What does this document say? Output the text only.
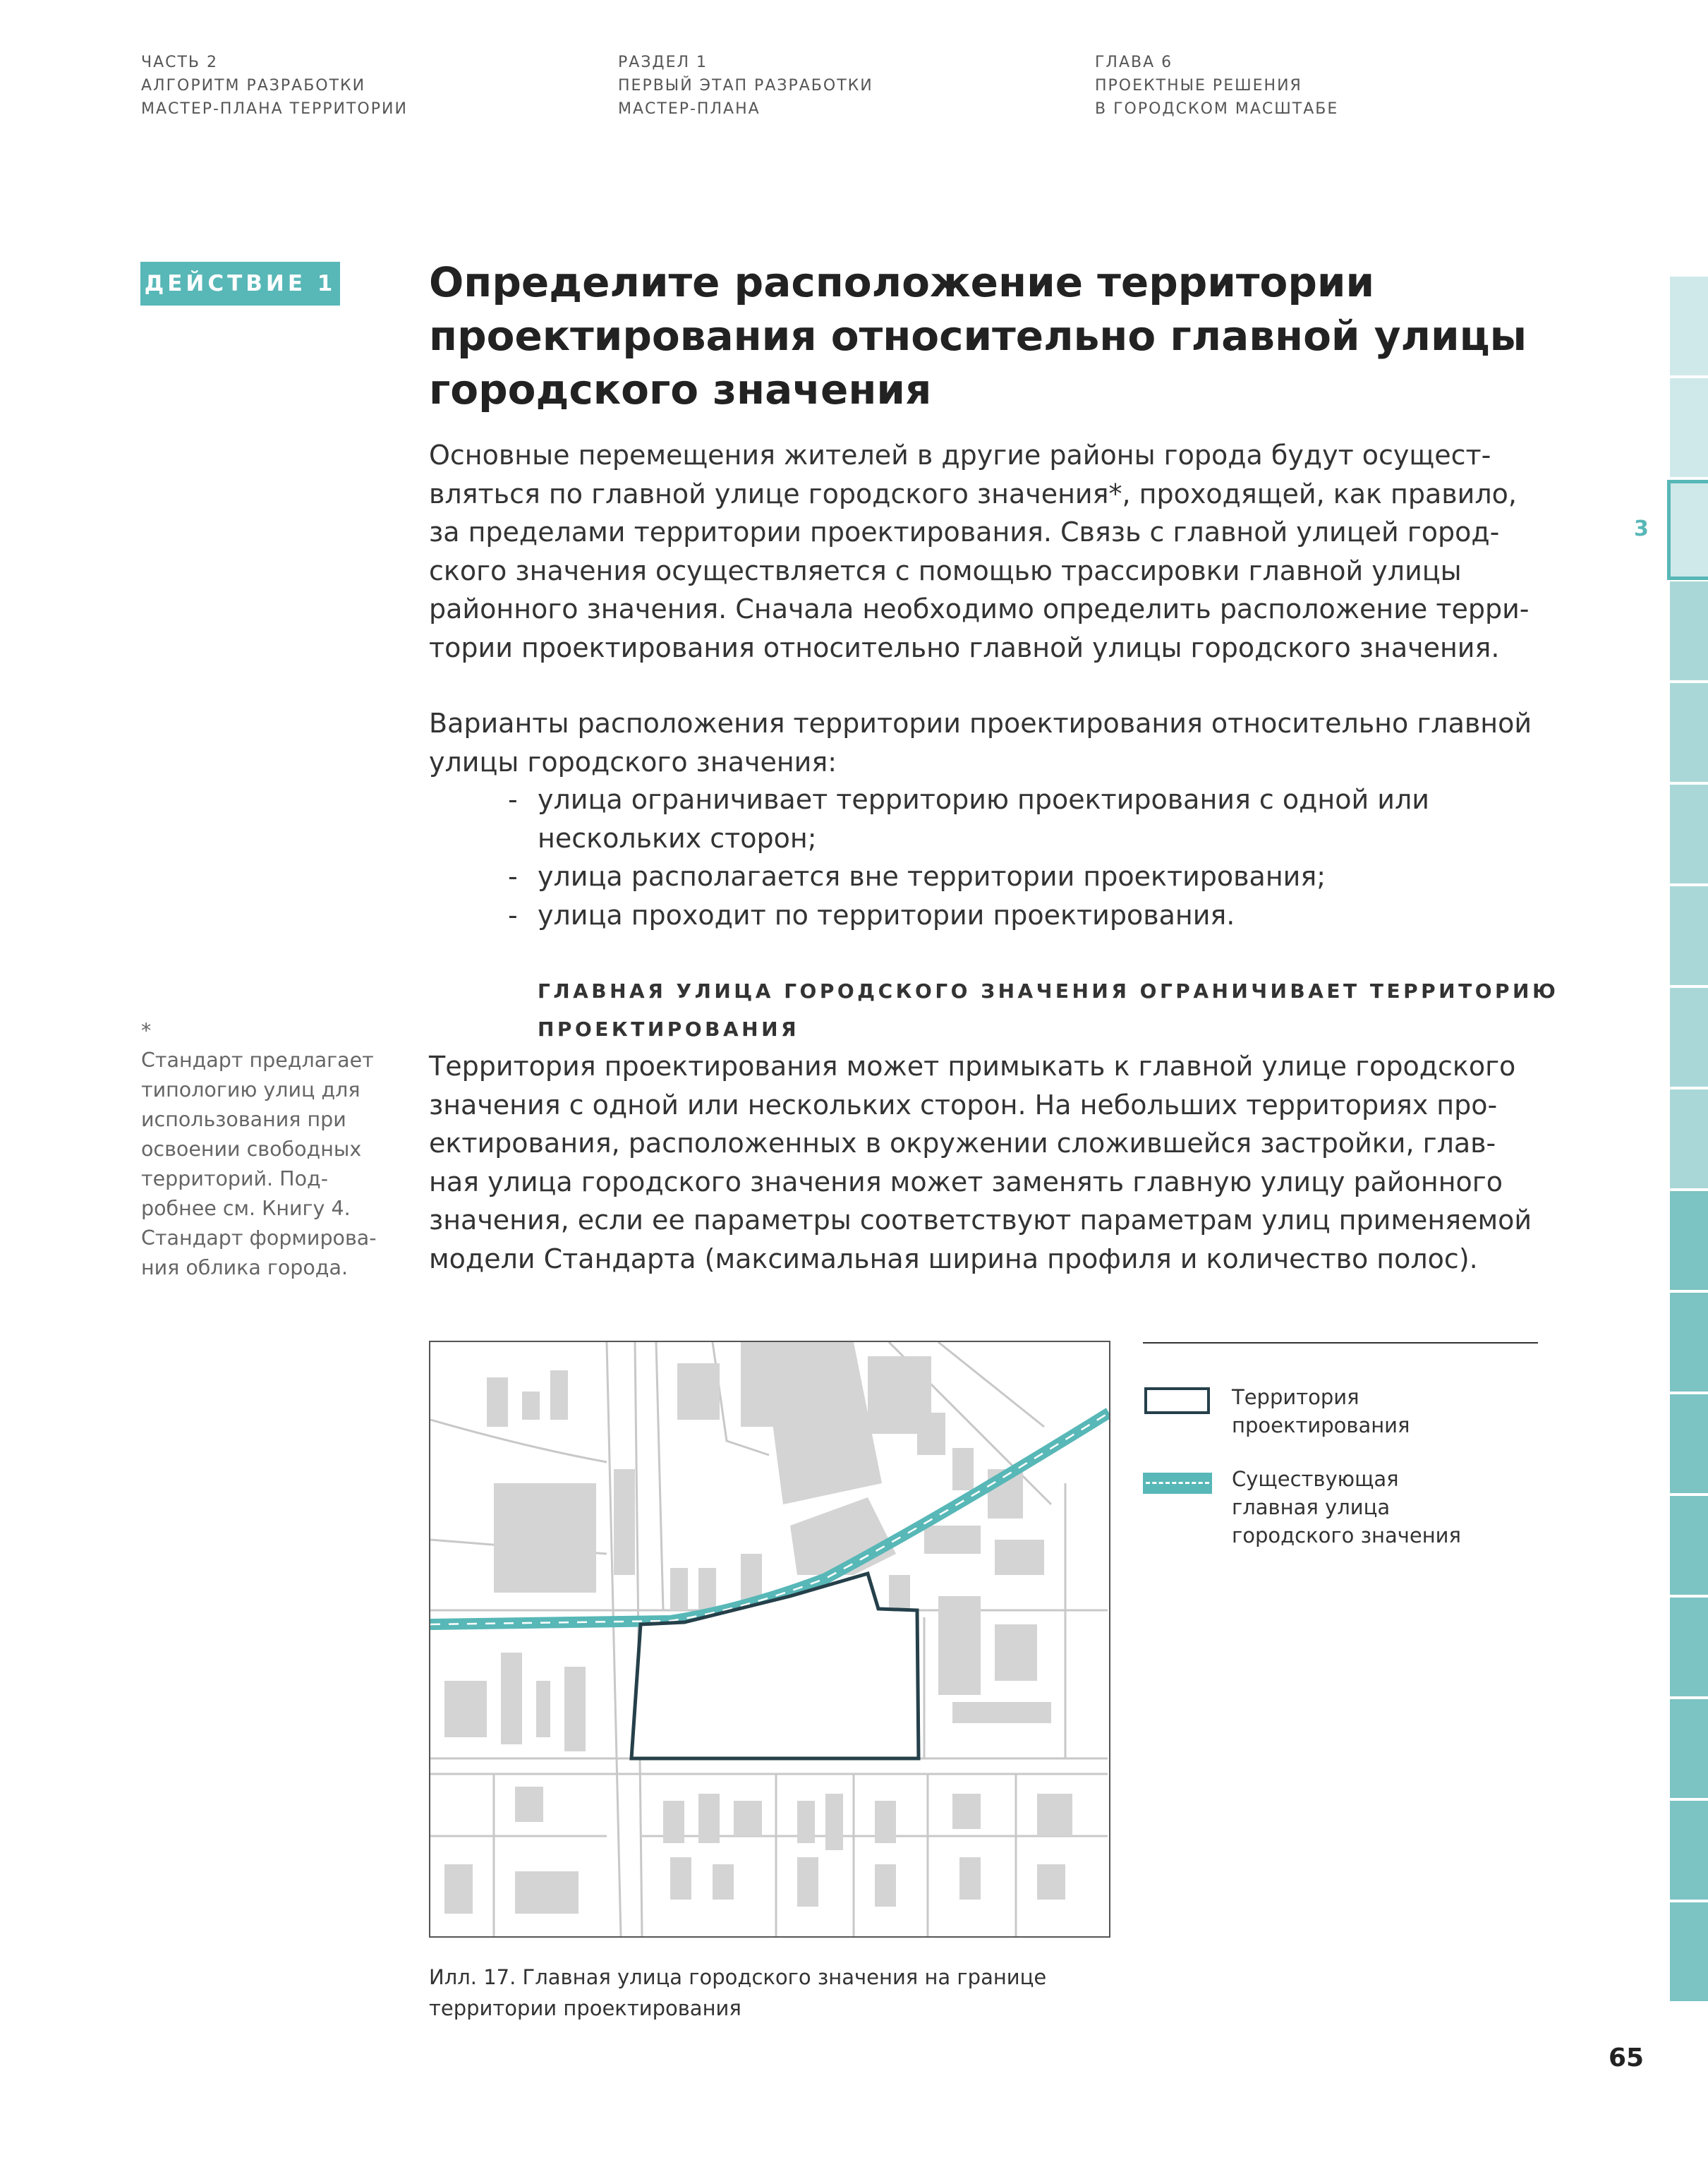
ЧАСТЬ 2
АЛГОРИТМ РАЗРАБОТКИ
МАСТЕР-ПЛАНА ТЕРРИТОРИИ
РАЗДЕЛ 1
ПЕРВЫЙ ЭТАП РАЗРАБОТКИ
МАСТЕР-ПЛАНА
ГЛАВА 6
ПРОЕКТНЫЕ РЕШЕНИЯ
В ГОРОДСКОМ МАСШТАБЕ
ДЕЙСТВИЕ 1 Определите расположение территории
проектирования относительно главной улицы
городского значения
Основные перемещения жителей в другие районы города будут осущест-
вляться по главной улице городского значения*, проходящей, как правило,
за пределами территории проектирования. Связь с главной улицей город-
ского значения осуществляется с помощью трассировки главной улицы
районного значения. Сначала необходимо определить расположение терри-
тории проектирования относительно главной улицы городского значения.
Варианты расположения территории проектирования относительно главной
улицы городского значения:
- улица ограничивает территорию проектирования с одной или
нескольких сторон;
- улица располагается вне территории проектирования;
- улица проходит по территории проектирования.
ГЛАВНАЯ УЛИЦА ГОРОДСКОГО ЗНАЧЕНИЯ ОГРАНИЧИВАЕТ ТЕРРИТОРИЮ
ПРОЕКТИРОВАНИЯ
Территория проектирования может примыкать к главной улице городского
значения с одной или нескольких сторон. На небольших территориях про-
ектирования, расположенных в окружении сложившейся застройки, глав-
ная улица городского значения может заменять главную улицу районного
значения, если ее параметры соответствуют параметрам улиц применяемой
модели Стандарта (максимальная ширина профиля и количество полос).
*
Стандарт предлагает
типологию улиц для
использования при
освоении свободных
территорий. Под-
робнее см. Книгу 4.
Стандарт формирова-
ния облика города.
Территория
проектирования
Существующая
главная улица
городского значения
Илл. 17. Главная улица городского значения на границе
территории проектирования
3
65
